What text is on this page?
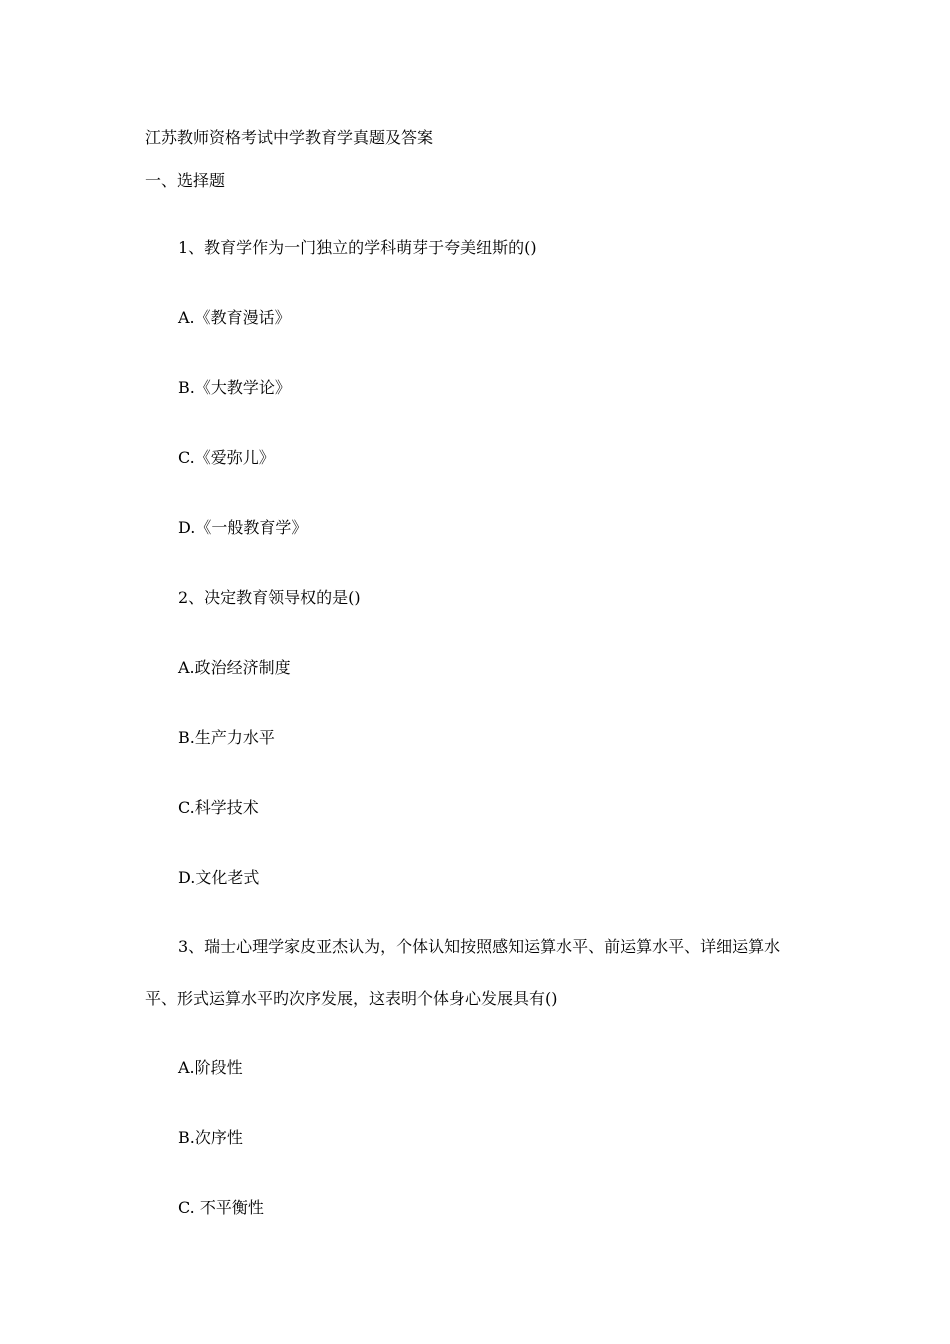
江苏教师资格考试中学教育学真题及答案
一、选择题
1、教育学作为一门独立的学科萌芽于夸美纽斯的()
A.《教育漫话》
B.《大教学论》
C.《爱弥儿》
D.《一般教育学》
2、决定教育领导权的是()
A.政治经济制度
B.生产力水平
C.科学技术
D.文化老式
3、瑞士心理学家皮亚杰认为，个体认知按照感知运算水平、前运算水平、详细运算水
平、形式运算水平旳次序发展，这表明个体身心发展具有()
A.阶段性
B.次序性
C. 不平衡性
